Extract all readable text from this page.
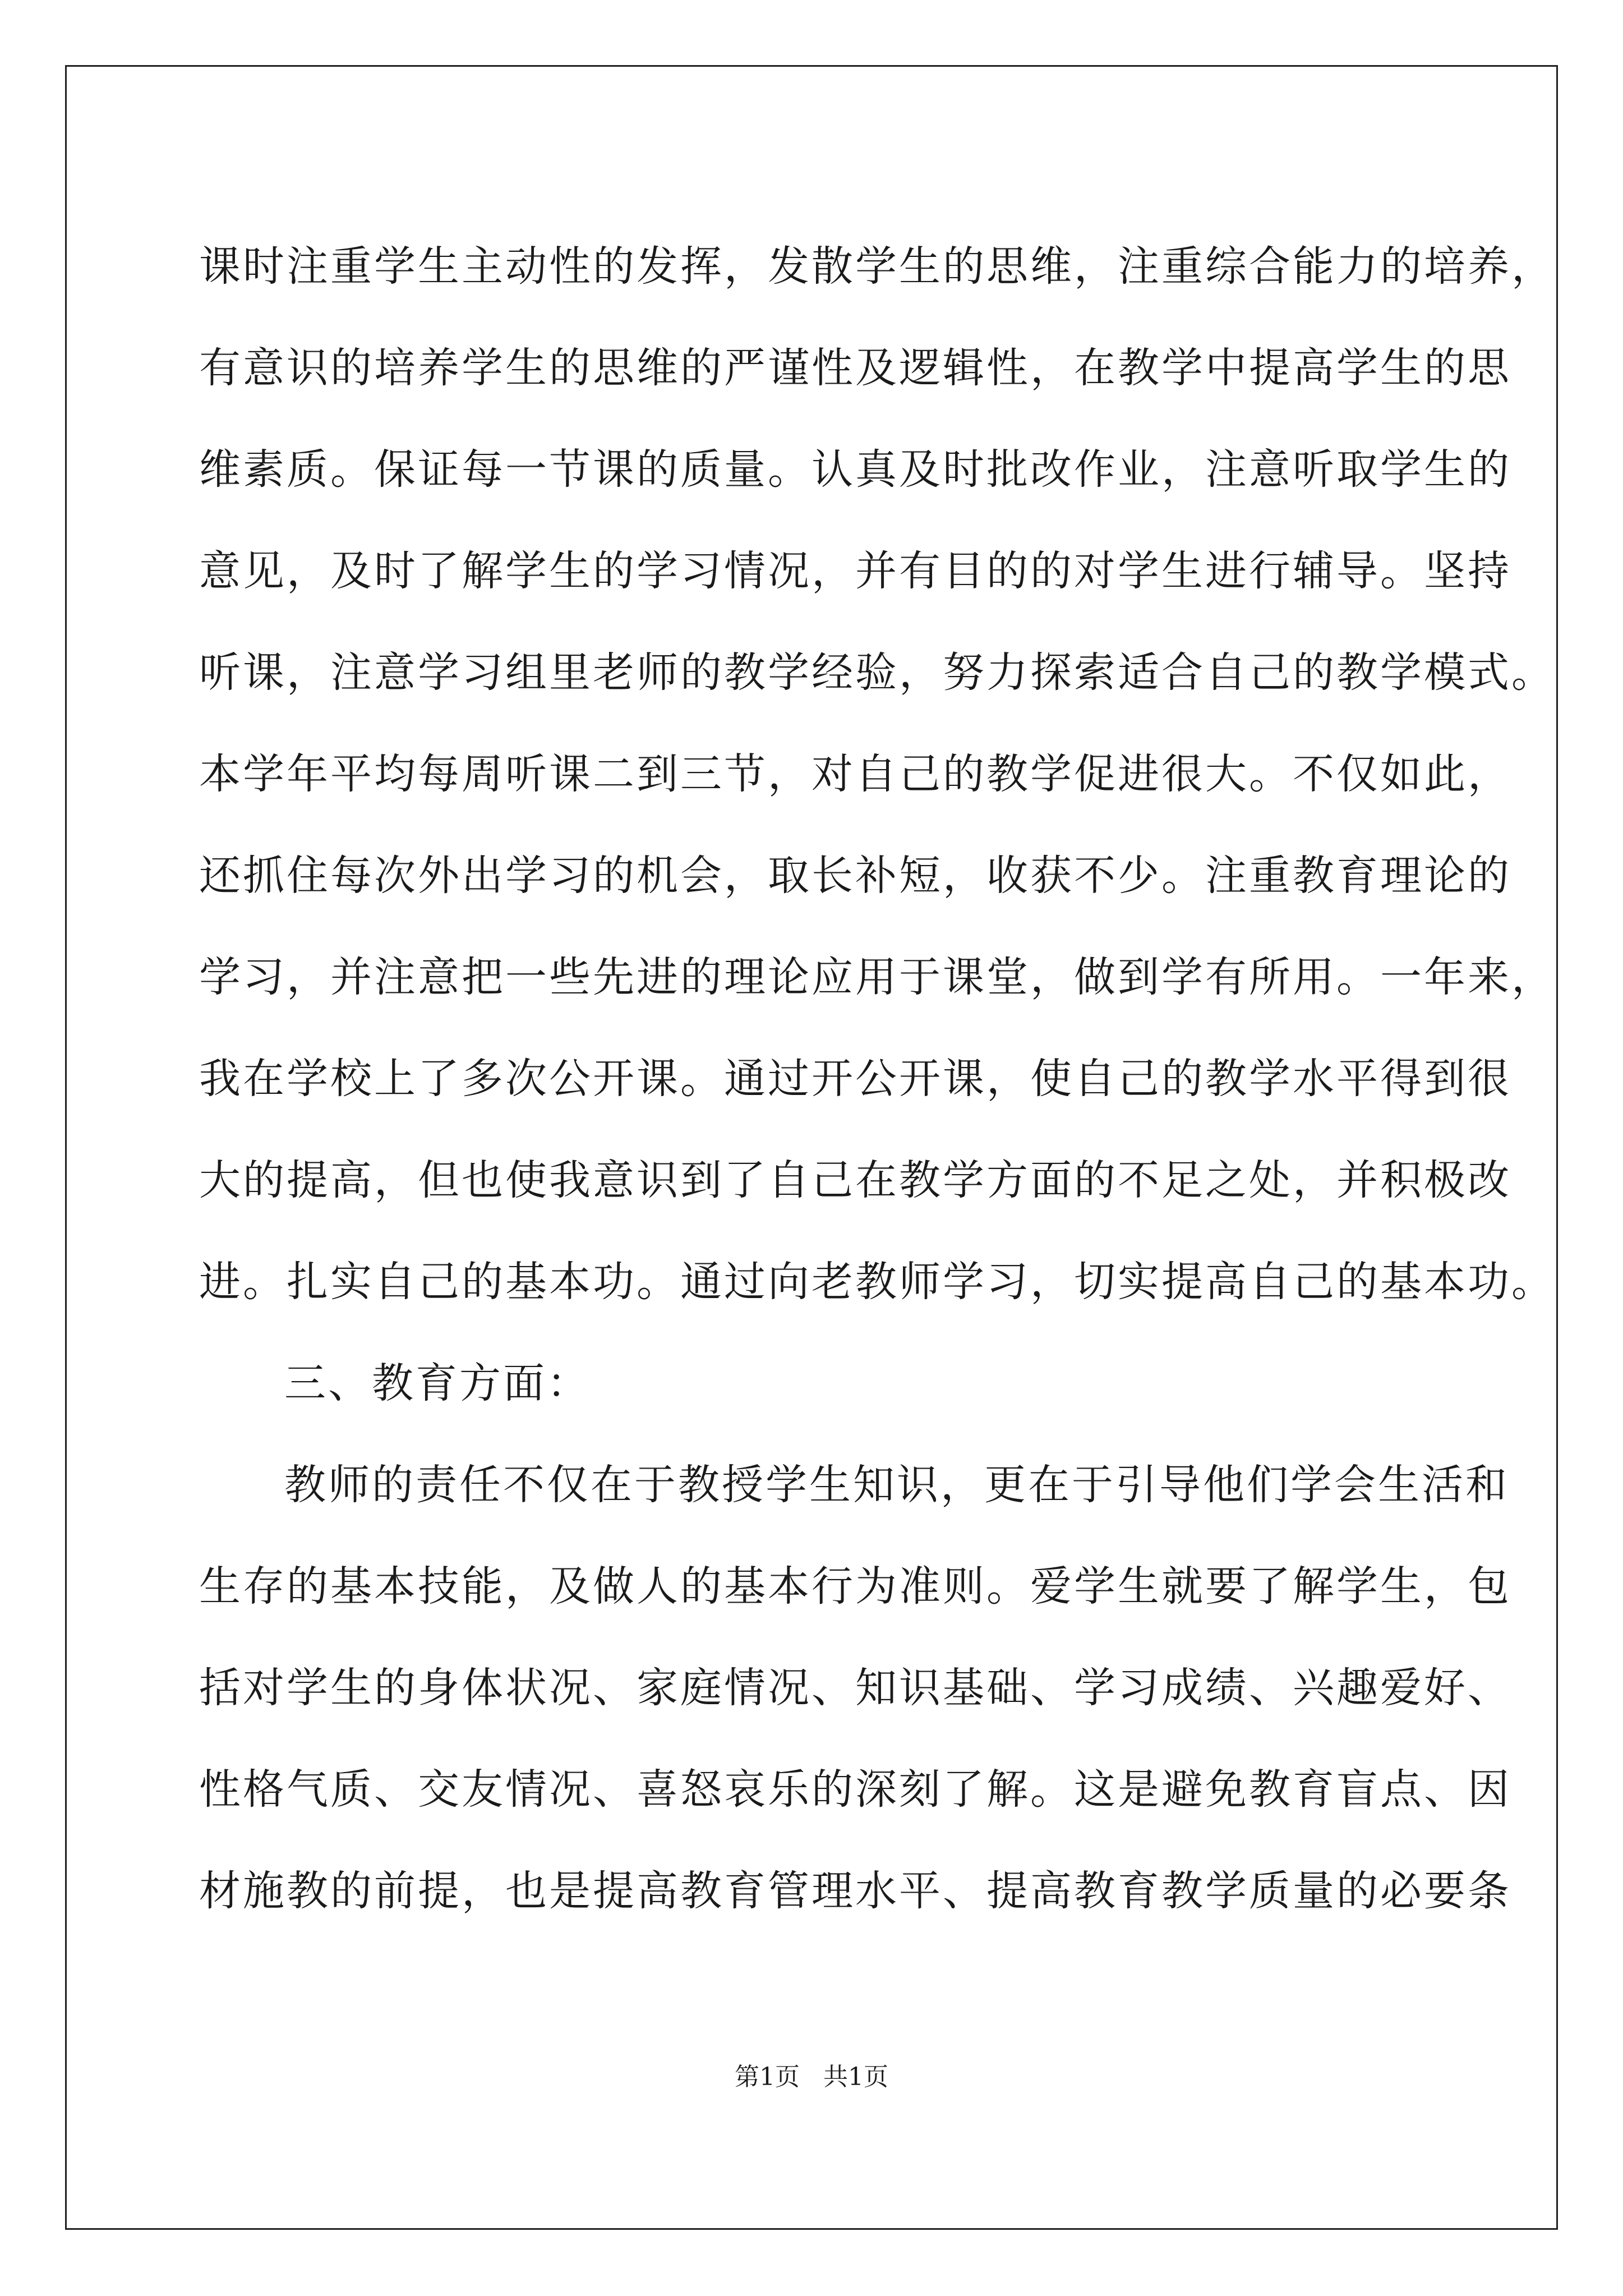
课时注重学生主动性的发挥，发散学生的思维，注重综合能力的培养，
有意识的培养学生的思维的严谨性及逻辑性，在教学中提高学生的思
维素质。保证每一节课的质量。认真及时批改作业，注意听取学生的
意见，及时了解学生的学习情况，并有目的的对学生进行辅导。坚持
听课，注意学习组里老师的教学经验，努力探索适合自己的教学模式。
本学年平均每周听课二到三节，对自己的教学促进很大。不仅如此，
还抓住每次外出学习的机会，取长补短，收获不少。注重教育理论的
学习，并注意把一些先进的理论应用于课堂，做到学有所用。一年来，
我在学校上了多次公开课。通过开公开课，使自己的教学水平得到很
大的提高，但也使我意识到了自己在教学方面的不足之处，并积极改
进。扎实自己的基本功。通过向老教师学习，切实提高自己的基本功。
三、教育方面：
教师的责任不仅在于教授学生知识，更在于引导他们学会生活和
生存的基本技能，及做人的基本行为准则。爱学生就要了解学生，包
括对学生的身体状况、家庭情况、知识基础、学习成绩、兴趣爱好、
性格气质、交友情况、喜怒哀乐的深刻了解。这是避免教育盲点、因
材施教的前提，也是提高教育管理水平、提高教育教学质量的必要条
第1页 共1页
